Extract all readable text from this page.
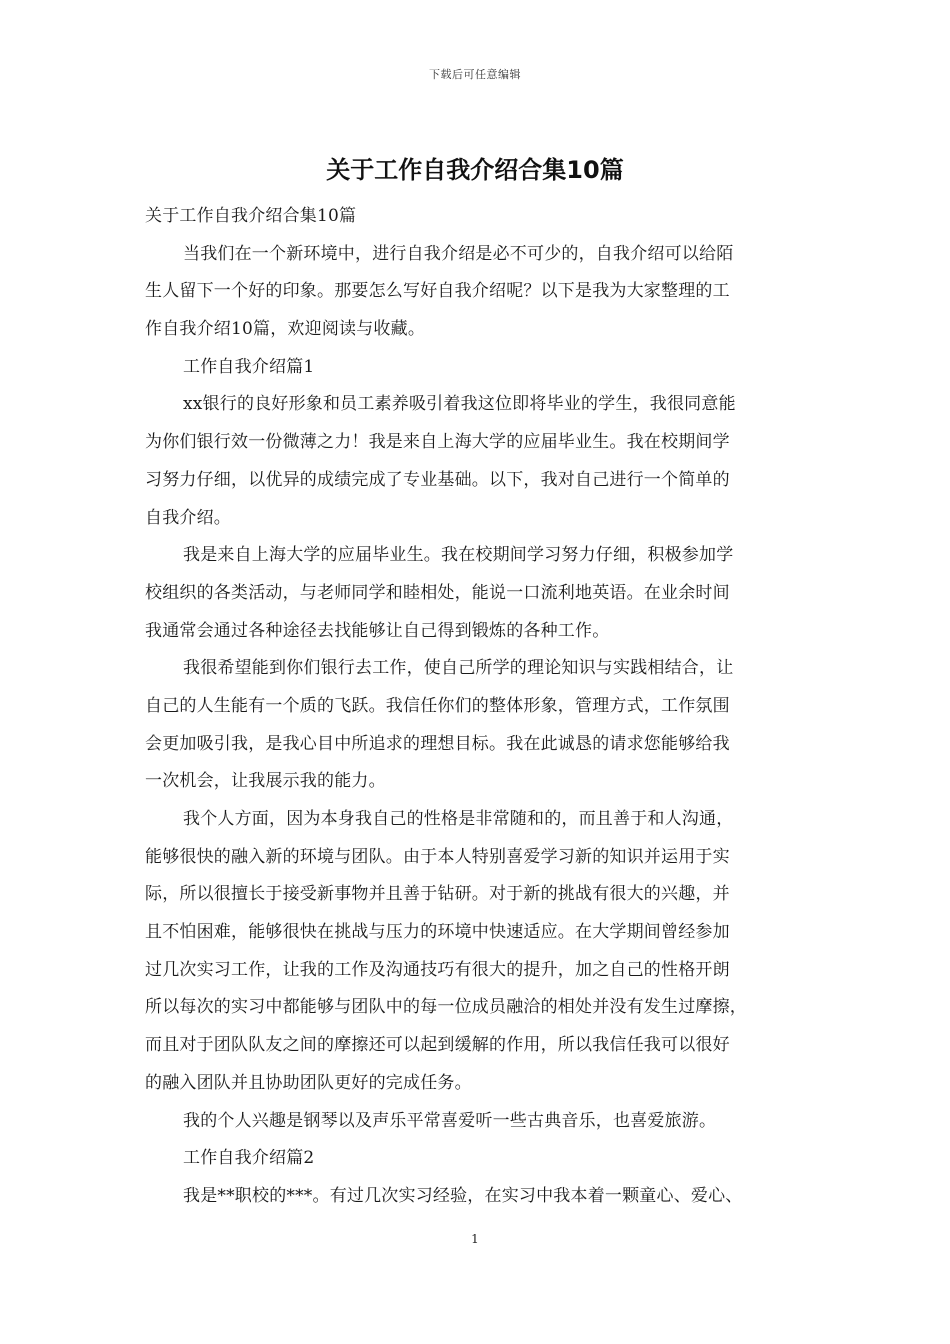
下载后可任意编辑
关于工作自我介绍合集10篇
关于工作自我介绍合集10篇
当我们在一个新环境中，进行自我介绍是必不可少的，自我介绍可以给陌
生人留下一个好的印象。那要怎么写好自我介绍呢？以下是我为大家整理的工
作自我介绍10篇，欢迎阅读与收藏。
工作自我介绍篇1
xx银行的良好形象和员工素养吸引着我这位即将毕业的学生，我很同意能
为你们银行效一份微薄之力！我是来自上海大学的应届毕业生。我在校期间学
习努力仔细，以优异的成绩完成了专业基础。以下，我对自己进行一个简单的
自我介绍。
我是来自上海大学的应届毕业生。我在校期间学习努力仔细，积极参加学
校组织的各类活动，与老师同学和睦相处，能说一口流利地英语。在业余时间
我通常会通过各种途径去找能够让自己得到锻炼的各种工作。
我很希望能到你们银行去工作，使自己所学的理论知识与实践相结合，让
自己的人生能有一个质的飞跃。我信任你们的整体形象，管理方式，工作氛围
会更加吸引我，是我心目中所追求的理想目标。我在此诚恳的请求您能够给我
一次机会，让我展示我的能力。
我个人方面，因为本身我自己的性格是非常随和的，而且善于和人沟通，
能够很快的融入新的环境与团队。由于本人特别喜爱学习新的知识并运用于实
际，所以很擅长于接受新事物并且善于钻研。对于新的挑战有很大的兴趣，并
且不怕困难，能够很快在挑战与压力的环境中快速适应。在大学期间曾经参加
过几次实习工作，让我的工作及沟通技巧有很大的提升，加之自己的性格开朗
所以每次的实习中都能够与团队中的每一位成员融洽的相处并没有发生过摩擦，
而且对于团队队友之间的摩擦还可以起到缓解的作用，所以我信任我可以很好
的融入团队并且协助团队更好的完成任务。
我的个人兴趣是钢琴以及声乐平常喜爱听一些古典音乐，也喜爱旅游。
工作自我介绍篇2
我是**职校的***。有过几次实习经验，在实习中我本着一颗童心、爱心、
1
